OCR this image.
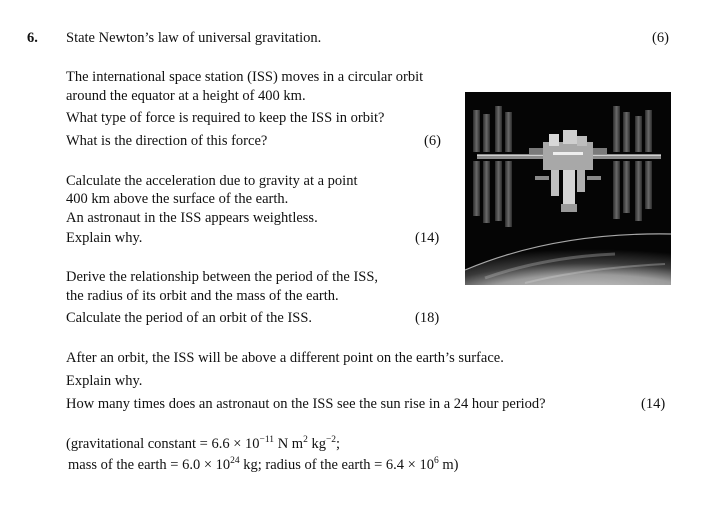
6. State Newton’s law of universal gravitation.	(6)
The international space station (ISS) moves in a circular orbit
around the equator at a height of 400 km.
What type of force is required to keep the ISS in orbit?
What is the direction of this force?	(6)
Calculate the acceleration due to gravity at a point
400 km above the surface of the earth.
An astronaut in the ISS appears weightless.
Explain why.	(14)
Derive the relationship between the period of the ISS,
the radius of its orbit and the mass of the earth.
Calculate the period of an orbit of the ISS.	(18)
After an orbit, the ISS will be above a different point on the earth’s surface.
Explain why.
How many times does an astronaut on the ISS see the sun rise in a 24 hour period?	(14)
(gravitational constant = $6.6 \times 10^{-11}$ N $m^2$ $kg^{-2}$;
mass of the earth = $6.0 \times 10^{24}$ kg; radius of the earth = $6.4 \times 10^6$ m)
